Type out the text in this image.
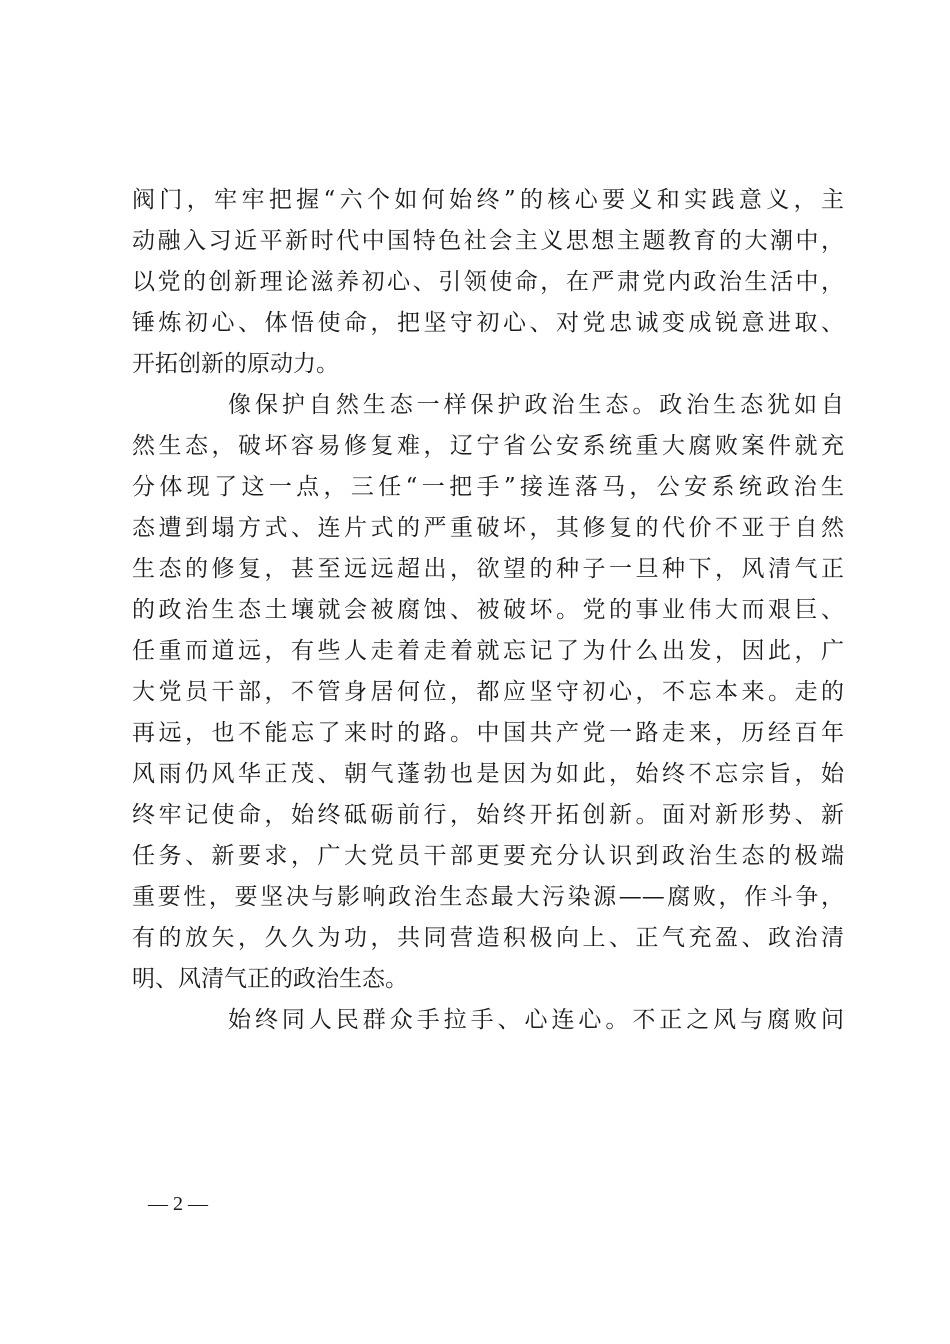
阀门，牢牢把握“六个如何始终”的核心要义和实践意义，主
动融入习近平新时代中国特色社会主义思想主题教育的大潮中，
以党的创新理论滋养初心、引领使命，在严肃党内政治生活中，
锤炼初心、体悟使命，把坚守初心、对党忠诚变成锐意进取、
开拓创新的原动力。
像保护自然生态一样保护政治生态。政治生态犹如自
然生态，破坏容易修复难，辽宁省公安系统重大腐败案件就充
分体现了这一点，三任“一把手”接连落马，公安系统政治生
态遭到塌方式、连片式的严重破坏，其修复的代价不亚于自然
生态的修复，甚至远远超出，欲望的种子一旦种下，风清气正
的政治生态土壤就会被腐蚀、被破坏。党的事业伟大而艰巨、
任重而道远，有些人走着走着就忘记了为什么出发，因此，广
大党员干部，不管身居何位，都应坚守初心，不忘本来。走的
再远，也不能忘了来时的路。中国共产党一路走来，历经百年
风雨仍风华正茂、朝气蓬勃也是因为如此，始终不忘宗旨，始
终牢记使命，始终砥砺前行，始终开拓创新。面对新形势、新
任务、新要求，广大党员干部更要充分认识到政治生态的极端
重要性，要坚决与影响政治生态最大污染源——腐败，作斗争，
有的放矢，久久为功，共同营造积极向上、正气充盈、政治清
明、风清气正的政治生态。
始终同人民群众手拉手、心连心。不正之风与腐败问
— 2 —
